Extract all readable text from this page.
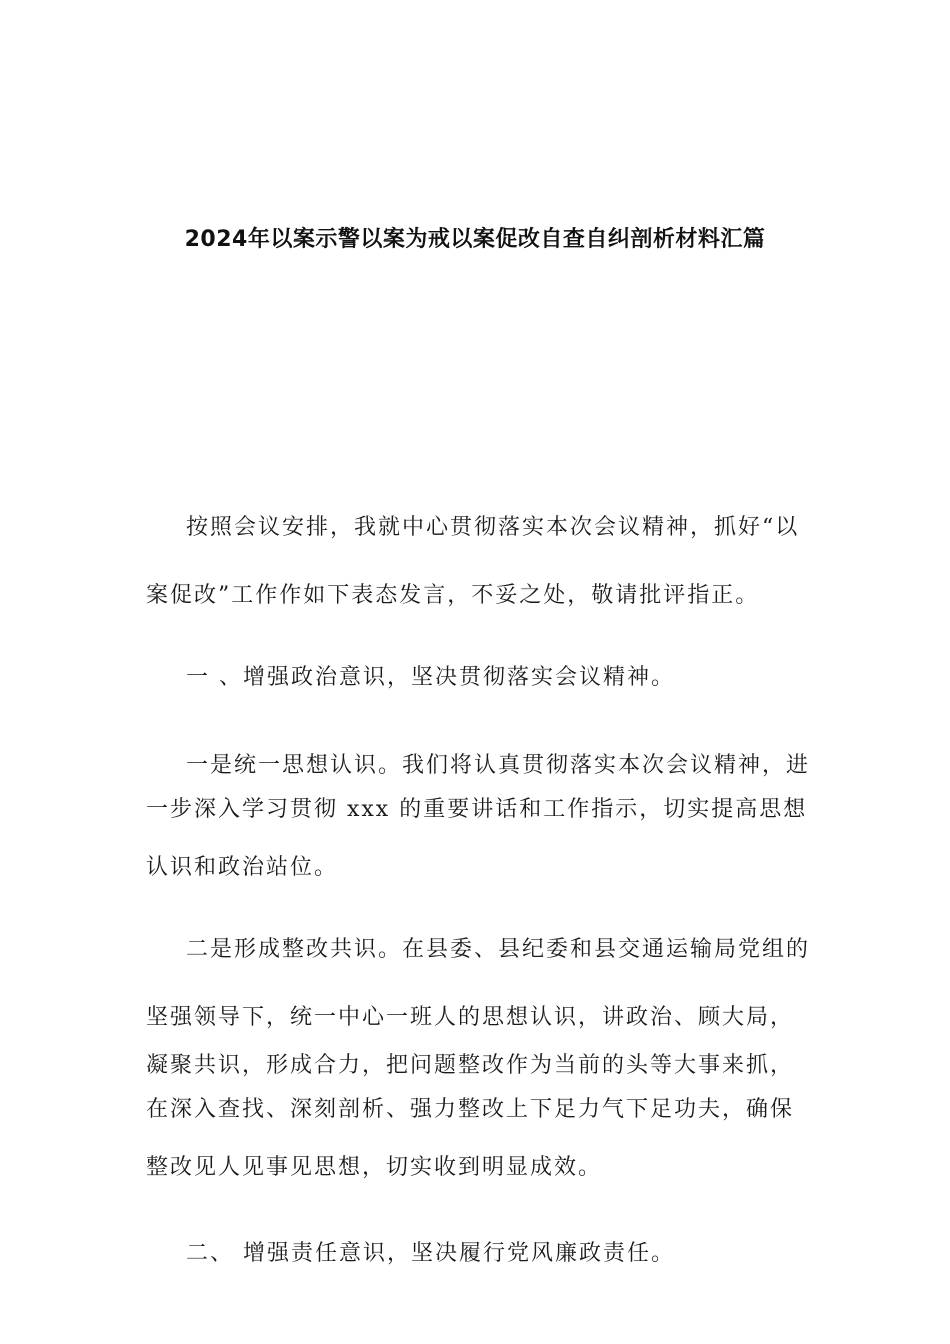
2024年以案示警以案为戒以案促改自查自纠剖析材料汇篇
按照会议安排，我就中心贯彻落实本次会议精神，抓好“以
案促改”工作作如下表态发言，不妥之处，敬请批评指正。
一 、增强政治意识，坚决贯彻落实会议精神。
一是统一思想认识。我们将认真贯彻落实本次会议精神，进
一步深入学习贯彻 xxx 的重要讲话和工作指示，切实提高思想
认识和政治站位。
二是形成整改共识。在县委、县纪委和县交通运输局党组的
坚强领导下，统一中心一班人的思想认识，讲政治、顾大局，
凝聚共识，形成合力，把问题整改作为当前的头等大事来抓，
在深入查找、深刻剖析、强力整改上下足力气下足功夫，确保
整改见人见事见思想，切实收到明显成效。
二、 增强责任意识，坚决履行党风廉政责任。
